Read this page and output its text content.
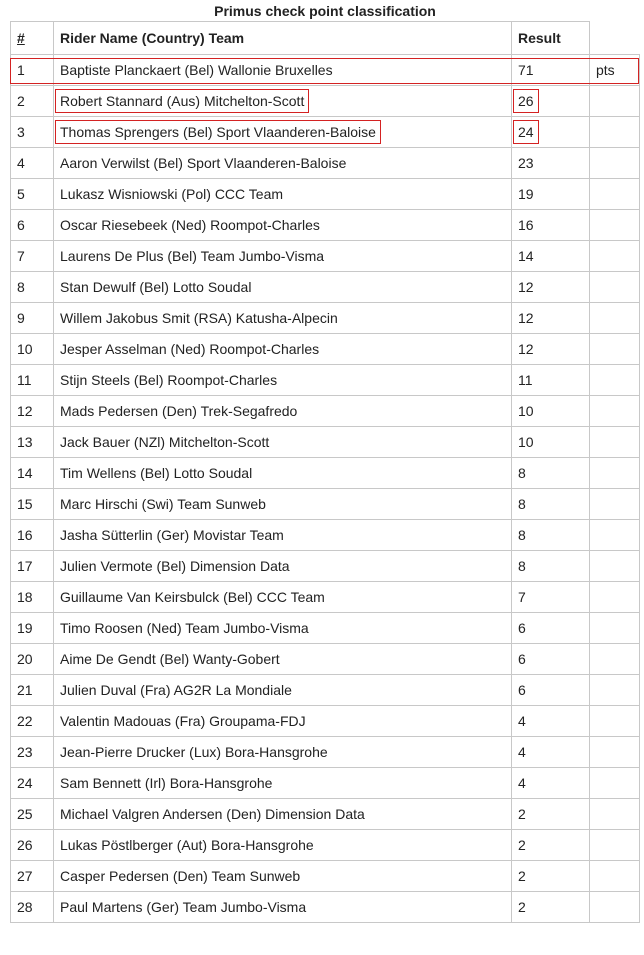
Primus check point classification
#	Rider Name (Country) Team	Result	
1	Baptiste Planckaert (Bel) Wallonie Bruxelles	71	pts
2	Robert Stannard (Aus) Mitchelton-Scott	26	
3	Thomas Sprengers (Bel) Sport Vlaanderen-Baloise	24	
4	Aaron Verwilst (Bel) Sport Vlaanderen-Baloise	23	
5	Lukasz Wisniowski (Pol) CCC Team	19	
6	Oscar Riesebeek (Ned) Roompot-Charles	16	
7	Laurens De Plus (Bel) Team Jumbo-Visma	14	
8	Stan Dewulf (Bel) Lotto Soudal	12	
9	Willem Jakobus Smit (RSA) Katusha-Alpecin	12	
10	Jesper Asselman (Ned) Roompot-Charles	12	
11	Stijn Steels (Bel) Roompot-Charles	11	
12	Mads Pedersen (Den) Trek-Segafredo	10	
13	Jack Bauer (NZl) Mitchelton-Scott	10	
14	Tim Wellens (Bel) Lotto Soudal	8	
15	Marc Hirschi (Swi) Team Sunweb	8	
16	Jasha Sütterlin (Ger) Movistar Team	8	
17	Julien Vermote (Bel) Dimension Data	8	
18	Guillaume Van Keirsbulck (Bel) CCC Team	7	
19	Timo Roosen (Ned) Team Jumbo-Visma	6	
20	Aime De Gendt (Bel) Wanty-Gobert	6	
21	Julien Duval (Fra) AG2R La Mondiale	6	
22	Valentin Madouas (Fra) Groupama-FDJ	4	
23	Jean-Pierre Drucker (Lux) Bora-Hansgrohe	4	
24	Sam Bennett (Irl) Bora-Hansgrohe	4	
25	Michael Valgren Andersen (Den) Dimension Data	2	
26	Lukas Pöstlberger (Aut) Bora-Hansgrohe	2	
27	Casper Pedersen (Den) Team Sunweb	2	
28	Paul Martens (Ger) Team Jumbo-Visma	2	
